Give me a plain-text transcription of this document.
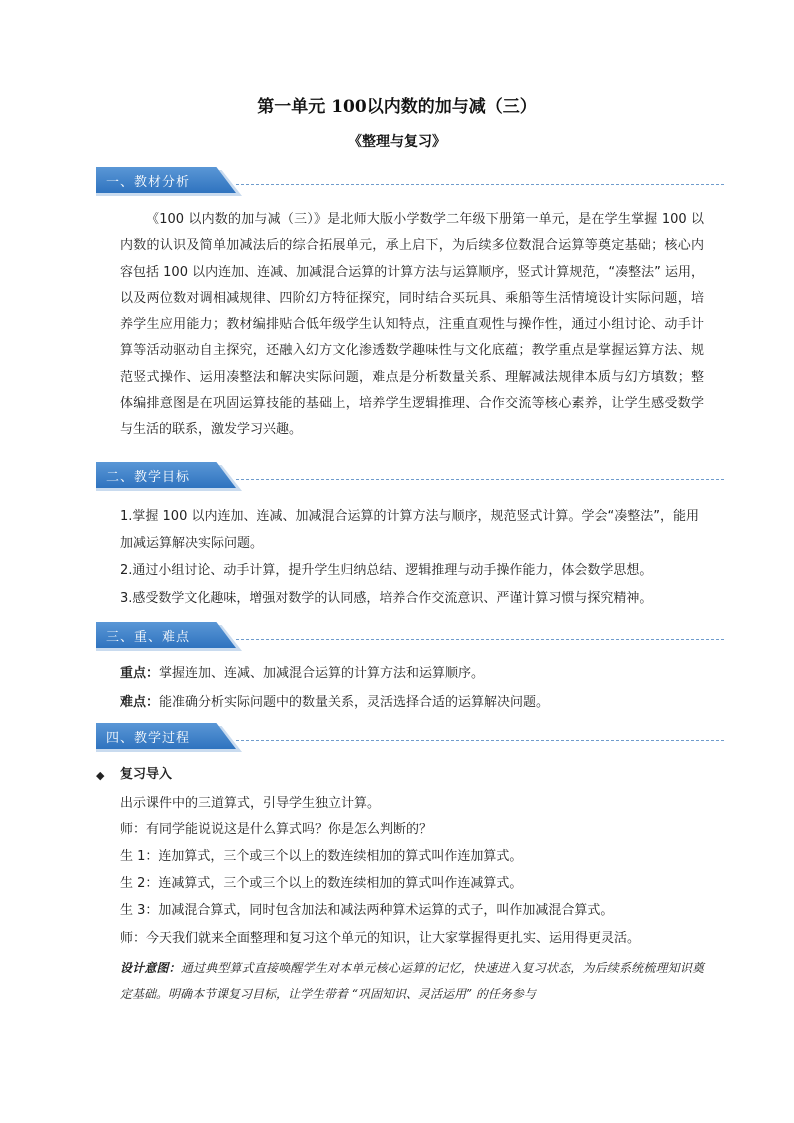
第一单元 100以内数的加与减（三）
《整理与复习》
一、教材分析

《100 以内数的加与减（三）》是北师大版小学数学二年级下册第一单元，是在学生掌握 100 以内数的认识及简单加减法后的综合拓展单元，承上启下，为后续多位数混合运算等奠定基础；核心内容包括 100 以内连加、连减、加减混合运算的计算方法与运算顺序，竖式计算规范，“凑整法” 运用，以及两位数对调相减规律、四阶幻方特征探究，同时结合买玩具、乘船等生活情境设计实际问题，培养学生应用能力；教材编排贴合低年级学生认知特点，注重直观性与操作性，通过小组讨论、动手计算等活动驱动自主探究，还融入幻方文化渗透数学趣味性与文化底蕴；教学重点是掌握运算方法、规范竖式操作、运用凑整法和解决实际问题，难点是分析数量关系、理解减法规律本质与幻方填数；整体编排意图是在巩固运算技能的基础上，培养学生逻辑推理、合作交流等核心素养，让学生感受数学与生活的联系，激发学习兴趣。

二、教学目标

1.掌握 100 以内连加、连减、加减混合运算的计算方法与顺序，规范竖式计算。学会“凑整法”，能用加减运算解决实际问题。

2.通过小组讨论、动手计算，提升学生归纳总结、逻辑推理与动手操作能力，体会数学思想。

3.感受数学文化趣味，增强对数学的认同感，培养合作交流意识、严谨计算习惯与探究精神。

三、重、难点

重点：掌握连加、连减、加减混合运算的计算方法和运算顺序。

难点：能准确分析实际问题中的数量关系，灵活选择合适的运算解决问题。

四、教学过程
◆ 复习导入

出示课件中的三道算式，引导学生独立计算。

师：有同学能说说这是什么算式吗？你是怎么判断的？

生 1：连加算式，三个或三个以上的数连续相加的算式叫作连加算式。

生 2：连减算式，三个或三个以上的数连续相加的算式叫作连减算式。

生 3：加减混合算式，同时包含加法和减法两种算术运算的式子，叫作加减混合算式。

师：今天我们就来全面整理和复习这个单元的知识，让大家掌握得更扎实、运用得更灵活。

设计意图：通过典型算式直接唤醒学生对本单元核心运算的记忆，快速进入复习状态，为后续系统梳理知识奠定基础。明确本节课复习目标，让学生带着 “巩固知识、灵活运用” 的任务参与
